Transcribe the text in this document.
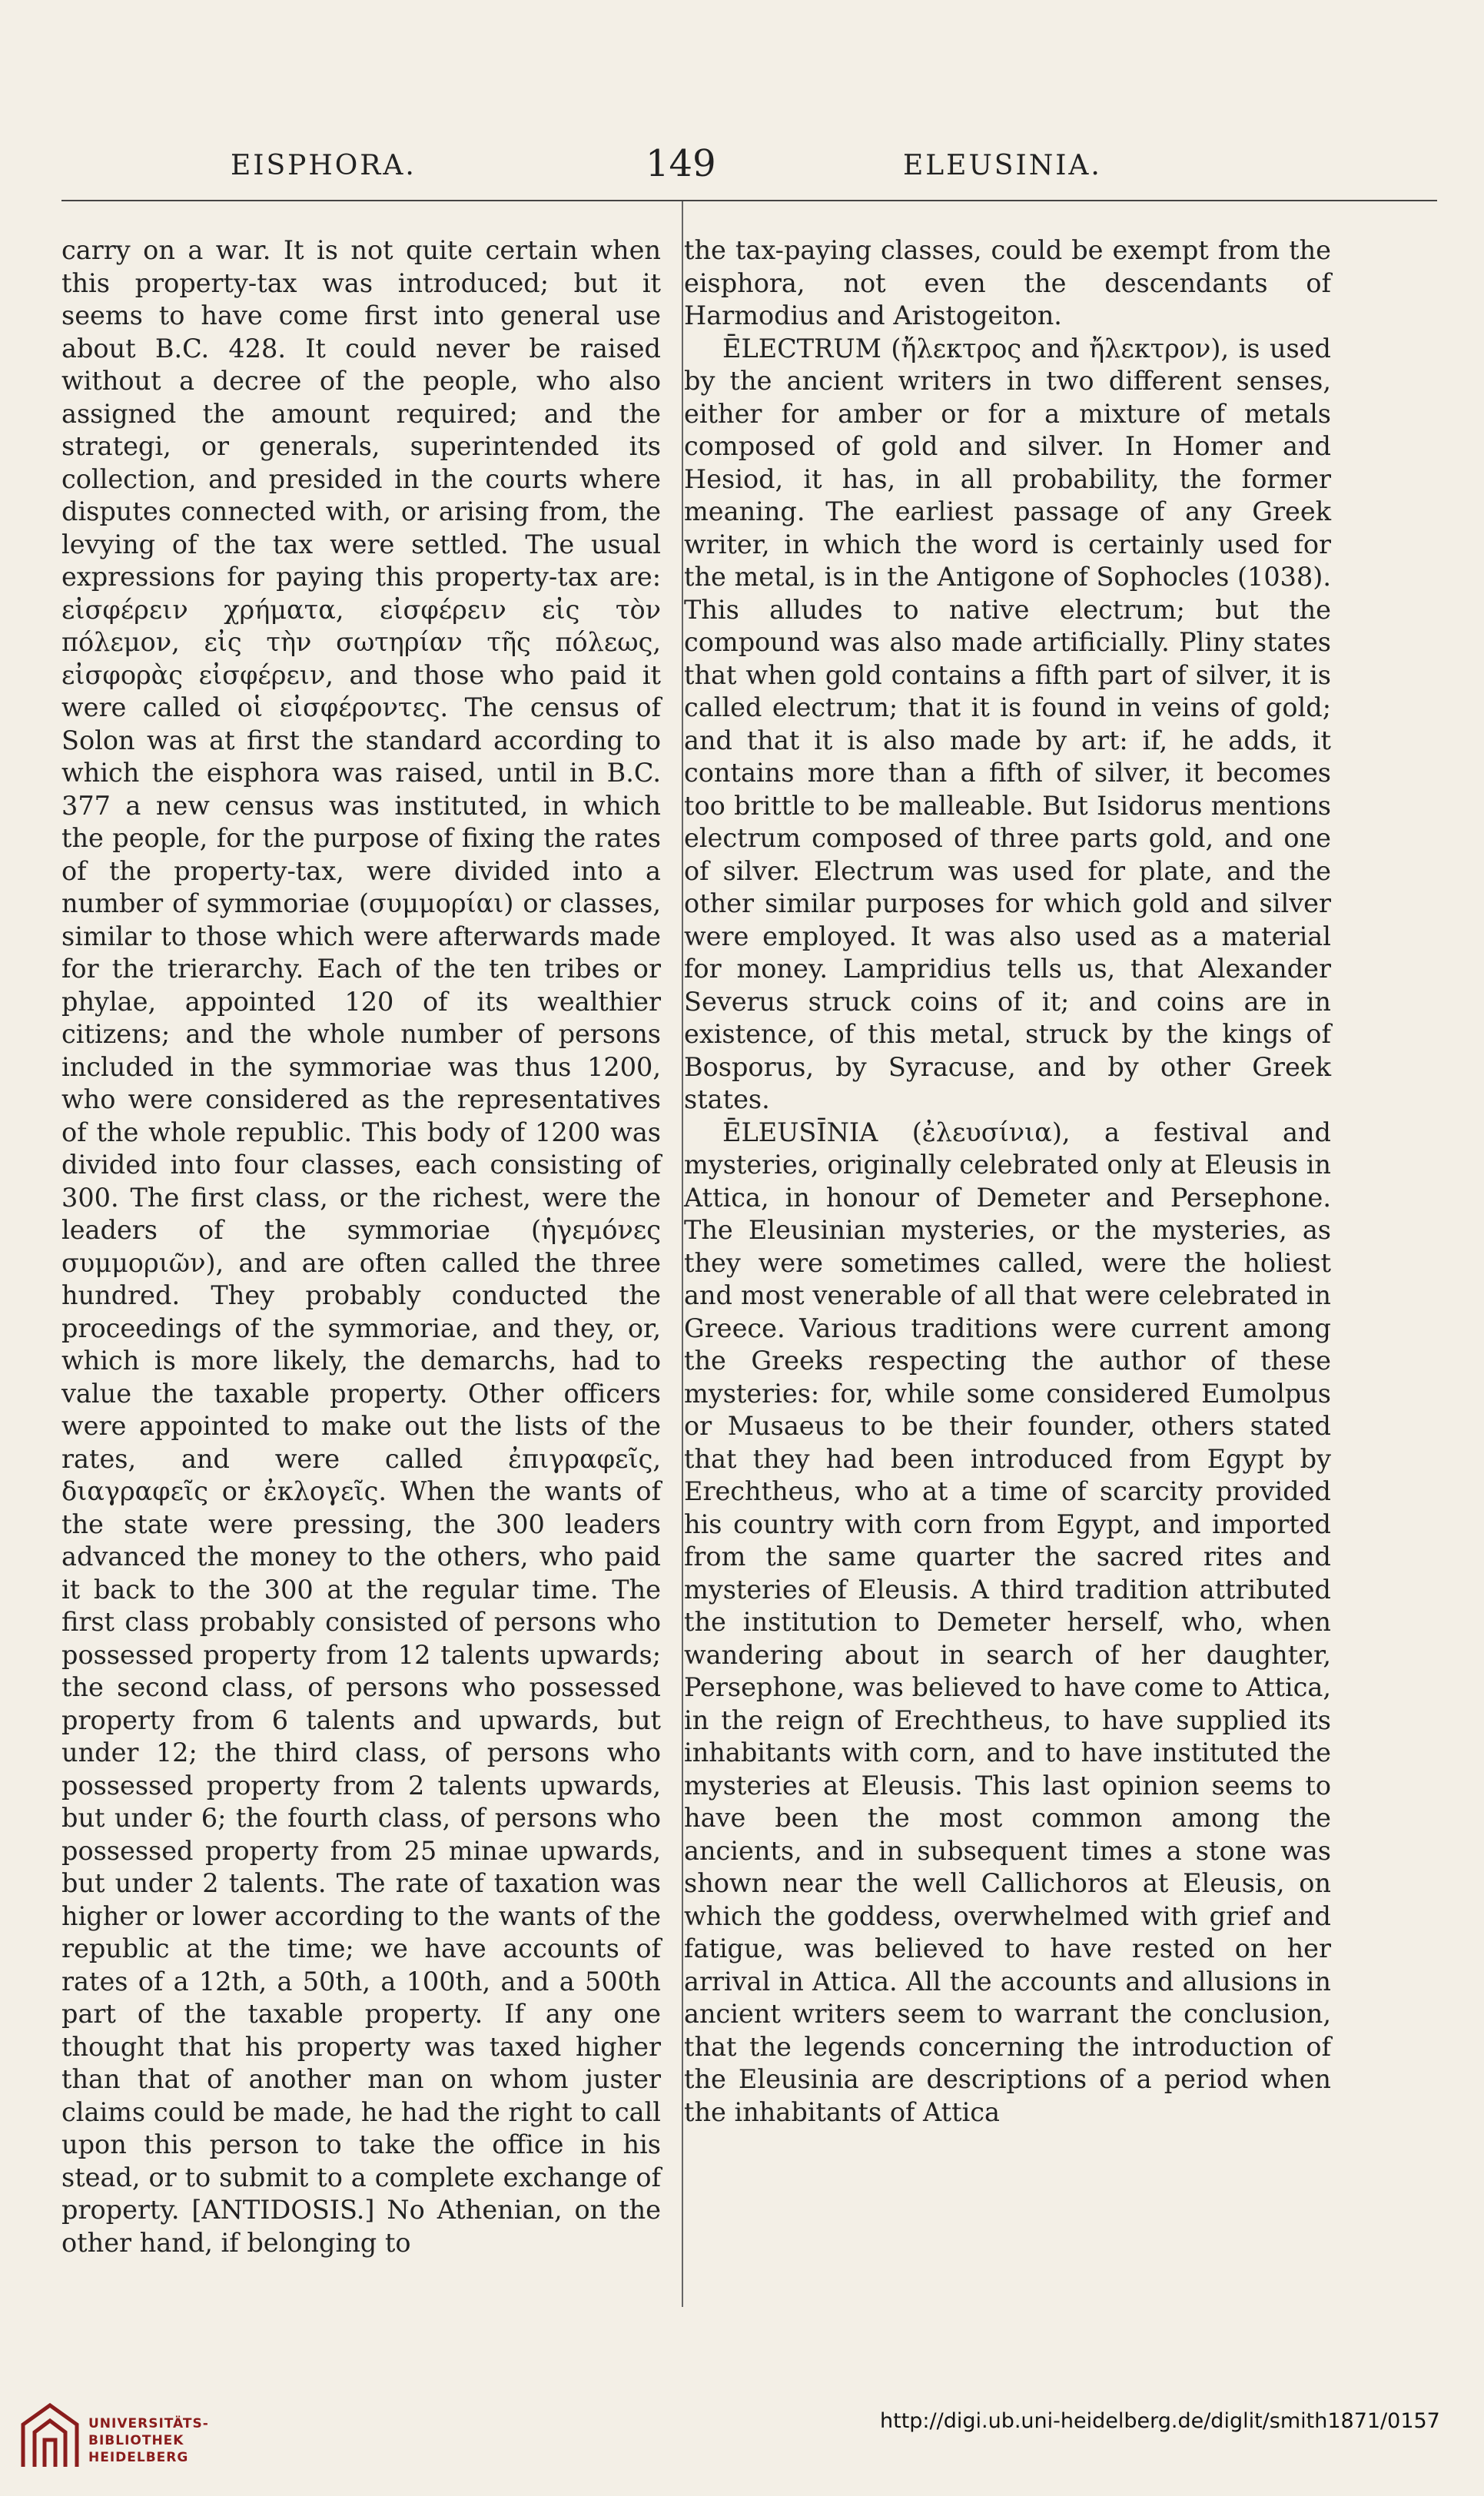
EISPHORA.	149	ELEUSINIA.

carry on a war. It is not quite certain when this property-tax was introduced; but it seems to have come first into general use about B.C. 428. It could never be raised without a decree of the people, who also assigned the amount required; and the strategi, or generals, superintended its collection, and presided in the courts where disputes connected with, or arising from, the levying of the tax were settled. The usual expressions for paying this property-tax are: εἰσφέρειν χρήματα, εἰσφέρειν εἰς τὸν πόλεμον, εἰς τὴν σωτηρίαν τῆς πόλεως, εἰσφορὰς εἰσφέρειν, and those who paid it were called οἱ εἰσφέροντες. The census of Solon was at first the standard according to which the eisphora was raised, until in B.C. 377 a new census was instituted, in which the people, for the purpose of fixing the rates of the property-tax, were divided into a number of symmoriae (συμμορίαι) or classes, similar to those which were afterwards made for the trierarchy. Each of the ten tribes or phylae, appointed 120 of its wealthier citizens; and the whole number of persons included in the symmoriae was thus 1200, who were considered as the representatives of the whole republic. This body of 1200 was divided into four classes, each consisting of 300. The first class, or the richest, were the leaders of the symmoriae (ἡγεμόνες συμμοριῶν), and are often called the three hundred. They probably conducted the proceedings of the symmoriae, and they, or, which is more likely, the demarchs, had to value the taxable property. Other officers were appointed to make out the lists of the rates, and were called ἐπιγραφεῖς, διαγραφεῖς or ἐκλογεῖς. When the wants of the state were pressing, the 300 leaders advanced the money to the others, who paid it back to the 300 at the regular time. The first class probably consisted of persons who possessed property from 12 talents upwards; the second class, of persons who possessed property from 6 talents and upwards, but under 12; the third class, of persons who possessed property from 2 talents upwards, but under 6; the fourth class, of persons who possessed property from 25 minae upwards, but under 2 talents. The rate of taxation was higher or lower according to the wants of the republic at the time; we have accounts of rates of a 12th, a 50th, a 100th, and a 500th part of the taxable property. If any one thought that his property was taxed higher than that of another man on whom juster claims could be made, he had the right to call upon this person to take the office in his stead, or to submit to a complete exchange of property. [ANTIDOSIS.] No Athenian, on the other hand, if belonging to

the tax-paying classes, could be exempt from the eisphora, not even the descendants of Harmodius and Aristogeiton.

ĒLECTRUM (ἤλεκτρος and ἤλεκτρον), is used by the ancient writers in two different senses, either for amber or for a mixture of metals composed of gold and silver. In Homer and Hesiod, it has, in all probability, the former meaning. The earliest passage of any Greek writer, in which the word is certainly used for the metal, is in the Antigone of Sophocles (1038). This alludes to native electrum; but the compound was also made artificially. Pliny states that when gold contains a fifth part of silver, it is called electrum; that it is found in veins of gold; and that it is also made by art: if, he adds, it contains more than a fifth of silver, it becomes too brittle to be malleable. But Isidorus mentions electrum composed of three parts gold, and one of silver. Electrum was used for plate, and the other similar purposes for which gold and silver were employed. It was also used as a material for money. Lampridius tells us, that Alexander Severus struck coins of it; and coins are in existence, of this metal, struck by the kings of Bosporus, by Syracuse, and by other Greek states.

ĒLEUSĪNIA (ἐλευσίνια), a festival and mysteries, originally celebrated only at Eleusis in Attica, in honour of Demeter and Persephone. The Eleusinian mysteries, or the mysteries, as they were sometimes called, were the holiest and most venerable of all that were celebrated in Greece. Various traditions were current among the Greeks respecting the author of these mysteries: for, while some considered Eumolpus or Musaeus to be their founder, others stated that they had been introduced from Egypt by Erechtheus, who at a time of scarcity provided his country with corn from Egypt, and imported from the same quarter the sacred rites and mysteries of Eleusis. A third tradition attributed the institution to Demeter herself, who, when wandering about in search of her daughter, Persephone, was believed to have come to Attica, in the reign of Erechtheus, to have supplied its inhabitants with corn, and to have instituted the mysteries at Eleusis. This last opinion seems to have been the most common among the ancients, and in subsequent times a stone was shown near the well Callichoros at Eleusis, on which the goddess, overwhelmed with grief and fatigue, was believed to have rested on her arrival in Attica. All the accounts and allusions in ancient writers seem to warrant the conclusion, that the legends concerning the introduction of the Eleusinia are descriptions of a period when the inhabitants of Attica

UNIVERSITÄTS-
BIBLIOTHEK
HEIDELBERG
http://digi.ub.uni-heidelberg.de/diglit/smith1871/0157
